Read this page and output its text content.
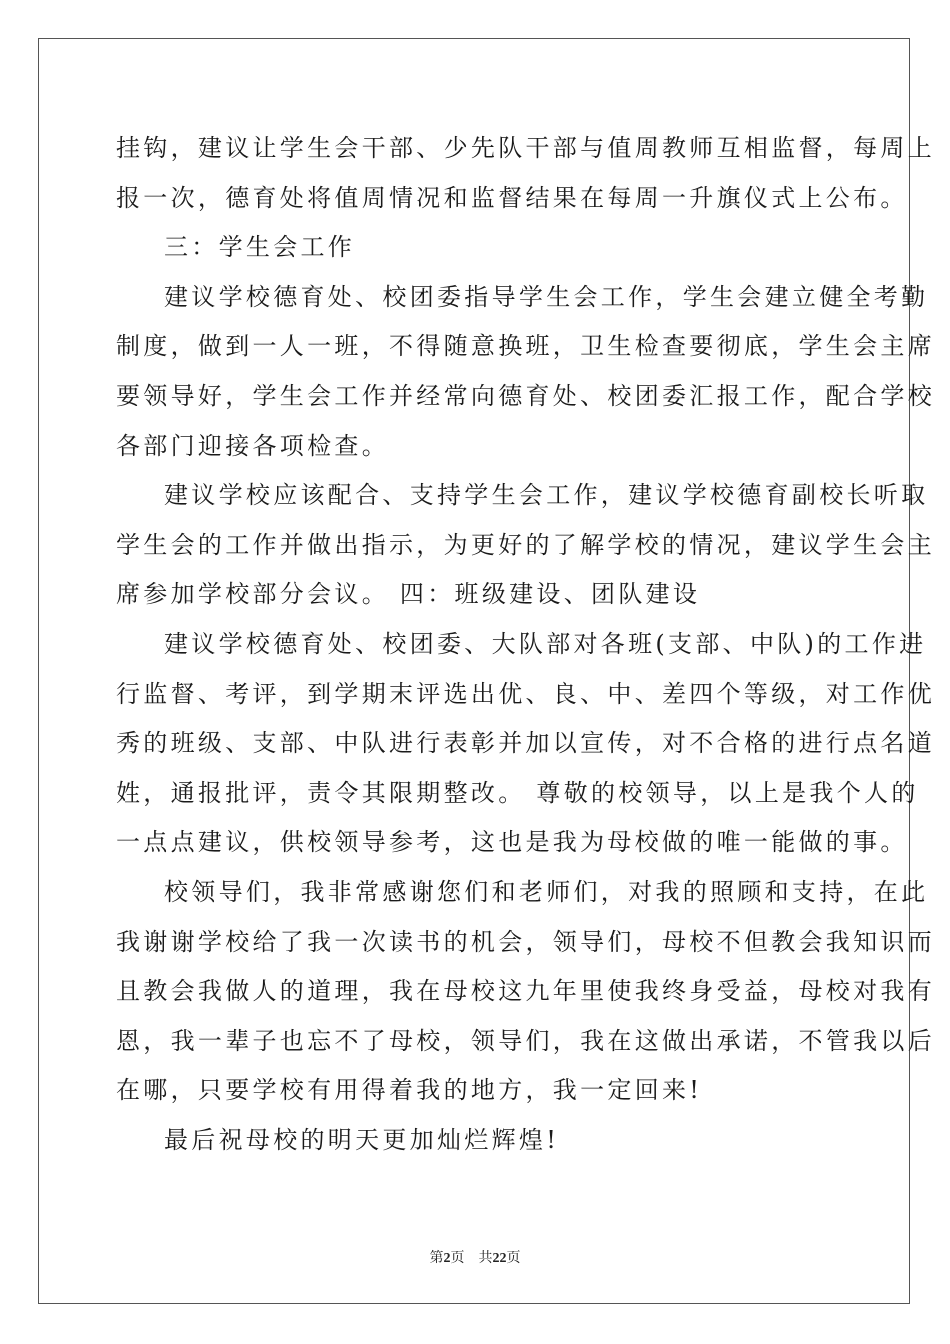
挂钩，建议让学生会干部、少先队干部与值周教师互相监督，每周上
报一次，德育处将值周情况和监督结果在每周一升旗仪式上公布。
三：学生会工作
建议学校德育处、校团委指导学生会工作，学生会建立健全考勤
制度，做到一人一班，不得随意换班，卫生检查要彻底，学生会主席
要领导好，学生会工作并经常向德育处、校团委汇报工作，配合学校
各部门迎接各项检查。
建议学校应该配合、支持学生会工作，建议学校德育副校长听取
学生会的工作并做出指示，为更好的了解学校的情况，建议学生会主
席参加学校部分会议。 四：班级建设、团队建设
建议学校德育处、校团委、大队部对各班(支部、中队)的工作进
行监督、考评，到学期末评选出优、良、中、差四个等级，对工作优
秀的班级、支部、中队进行表彰并加以宣传，对不合格的进行点名道
姓，通报批评，责令其限期整改。 尊敬的校领导，以上是我个人的
一点点建议，供校领导参考，这也是我为母校做的唯一能做的事。
校领导们，我非常感谢您们和老师们，对我的照顾和支持，在此
我谢谢学校给了我一次读书的机会，领导们，母校不但教会我知识而
且教会我做人的道理，我在母校这九年里使我终身受益，母校对我有
恩，我一辈子也忘不了母校，领导们，我在这做出承诺，不管我以后
在哪，只要学校有用得着我的地方，我一定回来!
最后祝母校的明天更加灿烂辉煌!
第2页 共22页
